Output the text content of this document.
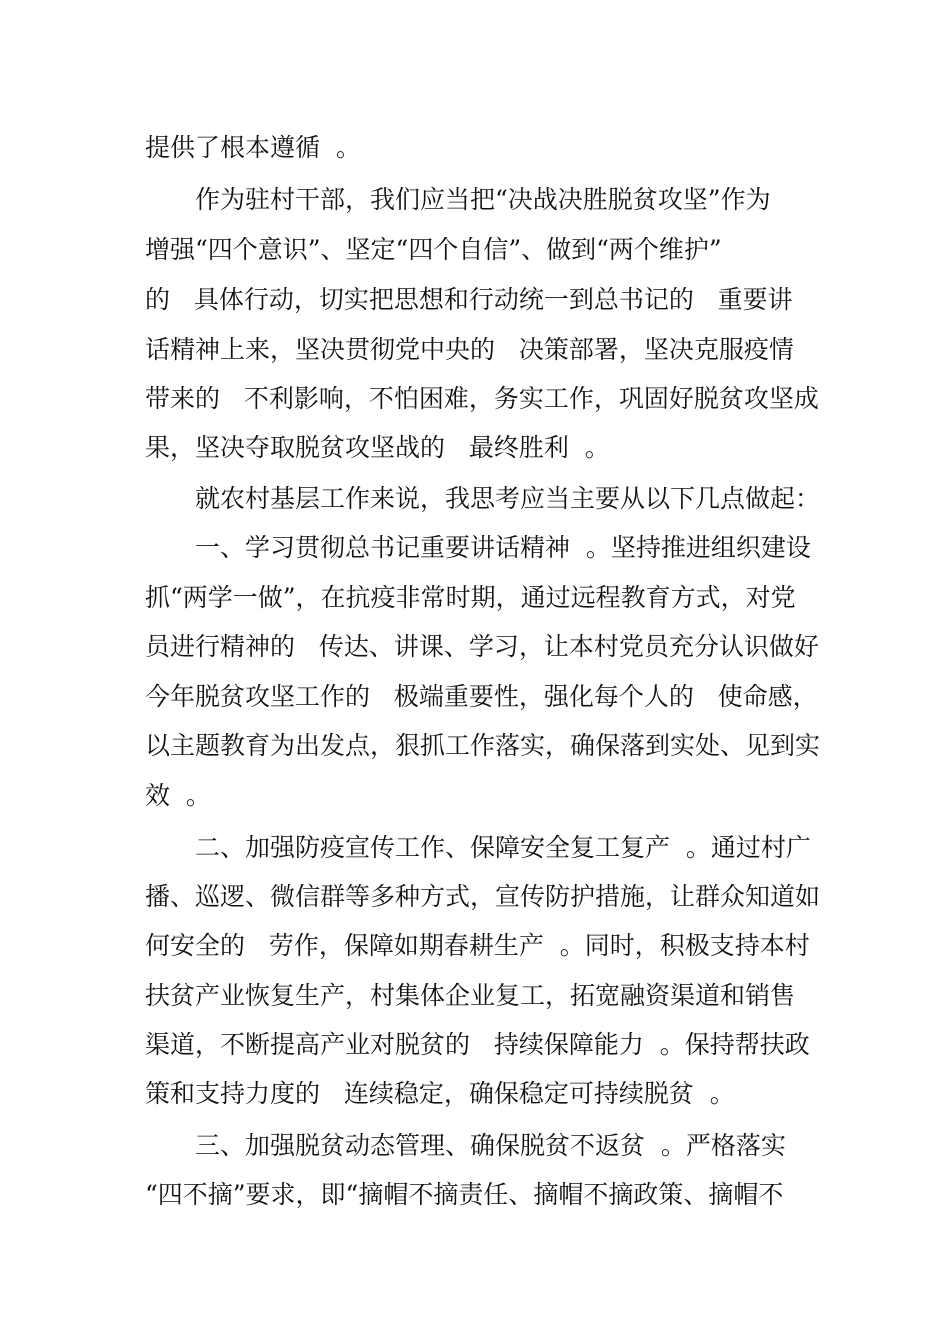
提供了根本遵循  。
作为驻村干部，我们应当把“决战决胜脱贫攻坚”作为
增强“四个意识”、坚定“四个自信”、做到“两个维护”
的   具体行动，切实把思想和行动统一到总书记的   重要讲
话精神上来，坚决贯彻党中央的   决策部署，坚决克服疫情
带来的   不利影响，不怕困难，务实工作，巩固好脱贫攻坚成
果，坚决夺取脱贫攻坚战的   最终胜利  。
就农村基层工作来说，我思考应当主要从以下几点做起：
一、学习贯彻总书记重要讲话精神  。坚持推进组织建设
抓“两学一做”，在抗疫非常时期，通过远程教育方式，对党
员进行精神的   传达、讲课、学习，让本村党员充分认识做好
今年脱贫攻坚工作的   极端重要性，强化每个人的   使命感，
以主题教育为出发点，狠抓工作落实，确保落到实处、见到实
效  。
二、加强防疫宣传工作、保障安全复工复产  。通过村广
播、巡逻、微信群等多种方式，宣传防护措施，让群众知道如
何安全的   劳作，保障如期春耕生产  。同时，积极支持本村
扶贫产业恢复生产，村集体企业复工，拓宽融资渠道和销售
渠道，不断提高产业对脱贫的   持续保障能力  。保持帮扶政
策和支持力度的   连续稳定，确保稳定可持续脱贫  。
三、加强脱贫动态管理、确保脱贫不返贫  。严格落实
“四不摘”要求，即“摘帽不摘责任、摘帽不摘政策、摘帽不
